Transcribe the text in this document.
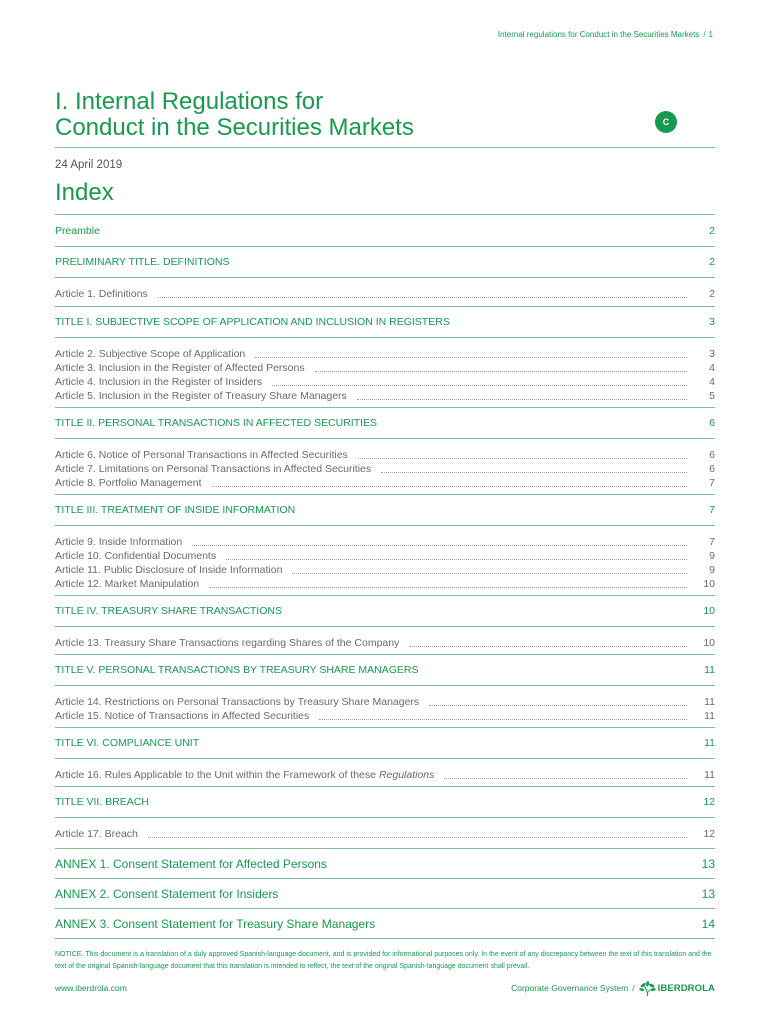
Internal regulations for Conduct in the Securities Markets / 1
I. Internal Regulations for
Conduct in the Securities Markets	C
24 April 2019
Index
Preamble	2
PRELIMINARY TITLE. DEFINITIONS	2
Article 1. Definitions	2
TITLE I. SUBJECTIVE SCOPE OF APPLICATION AND INCLUSION IN REGISTERS	3
Article 2. Subjective Scope of Application	3
Article 3. Inclusion in the Register of Affected Persons	4
Article 4. Inclusion in the Register of Insiders	4
Article 5. Inclusion in the Register of Treasury Share Managers	5
TITLE II. PERSONAL TRANSACTIONS IN AFFECTED SECURITIES	6
Article 6. Notice of Personal Transactions in Affected Securities	6
Article 7. Limitations on Personal Transactions in Affected Securities	6
Article 8. Portfolio Management	7
TITLE III. TREATMENT OF INSIDE INFORMATION	7
Article 9. Inside Information	7
Article 10. Confidential Documents	9
Article 11. Public Disclosure of Inside Information	9
Article 12. Market Manipulation	10
TITLE IV. TREASURY SHARE TRANSACTIONS	10
Article 13. Treasury Share Transactions regarding Shares of the Company	10
TITLE V. PERSONAL TRANSACTIONS BY TREASURY SHARE MANAGERS	11
Article 14. Restrictions on Personal Transactions by Treasury Share Managers	11
Article 15. Notice of Transactions in Affected Securities	11
TITLE VI. COMPLIANCE UNIT	11
Article 16. Rules Applicable to the Unit within the Framework of these Regulations	11
TITLE VII. BREACH	12
Article 17. Breach	12
ANNEX 1. Consent Statement for Affected Persons	13
ANNEX 2. Consent Statement for Insiders	13
ANNEX 3. Consent Statement for Treasury Share Managers	14
NOTICE. This document is a translation of a duly approved Spanish-language document, and is provided for informational purposes only. In the event of any discrepancy between the text of this translation and the text of the original Spanish-language document that this translation is intended to reflect, the text of the original Spanish-language document shall prevail.
www.iberdrola.com	Corporate Governance System / IBERDROLA
